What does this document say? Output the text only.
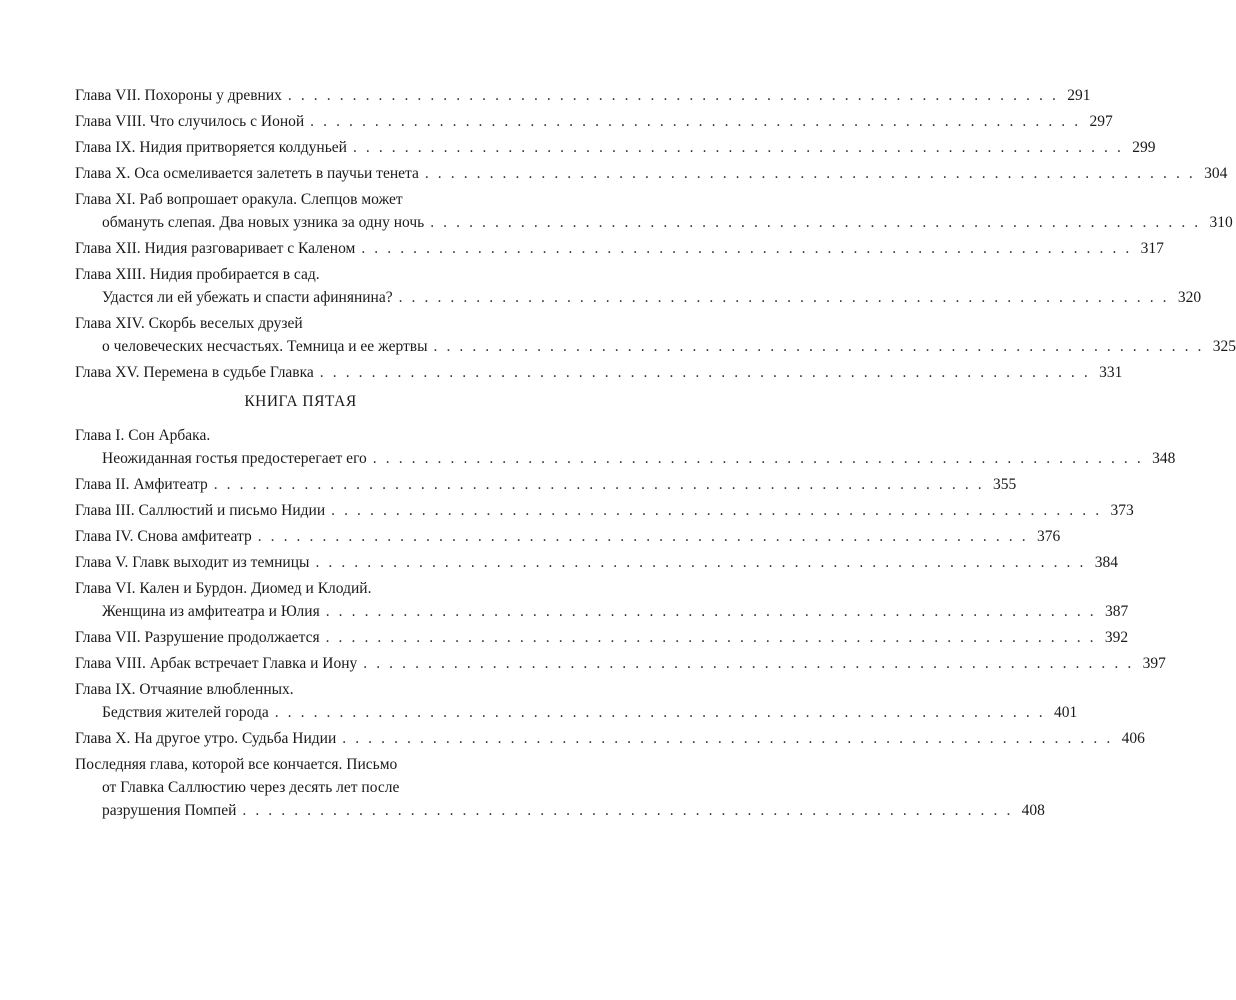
Глава VII. Похороны у древних . . . . . . . . . . . . . . . . . . . . . . . . . . . . . . . . . . . . . . . . . . . . . . . . . . . . . . . . . . . . 291
Глава VIII. Что случилось с Ионой . . . . . . . . . . . . . . . . . . . . . . . . . . . . . . . . . . . . . . . . . . . . . . . . . . . . . . . . . . . . 297
Глава IX. Нидия притворяется колдуньей . . . . . . . . . . . . . . . . . . . . . . . . . . . . . . . . . . . . . . . . . . . . . . . . . . . . . . . . . . . . 299
Глава X. Оса осмеливается залететь в паучьи тенета . . . . . . . . . . . . . . . . . . . . . . . . . . . . . . . . . . . . . . . . . . . . . . . . . . . . . . . . . . . . 304
Глава XI. Раб вопрошает оракула. Слепцов может
обмануть слепая. Два новых узника за одну ночь . . . . . . . . . . . . . . . . . . . . . . . . . . . . . . . . . . . . . . . . . . . . . . . . . . . . . . . . . . . . 310
Глава XII. Нидия разговаривает с Каленом . . . . . . . . . . . . . . . . . . . . . . . . . . . . . . . . . . . . . . . . . . . . . . . . . . . . . . . . . . . . 317
Глава XIII. Нидия пробирается в сад.
Удастся ли ей убежать и спасти афинянина? . . . . . . . . . . . . . . . . . . . . . . . . . . . . . . . . . . . . . . . . . . . . . . . . . . . . . . . . . . . . 320
Глава XIV. Скорбь веселых друзей
о человеческих несчастьях. Темница и ее жертвы . . . . . . . . . . . . . . . . . . . . . . . . . . . . . . . . . . . . . . . . . . . . . . . . . . . . . . . . . . . . 325
Глава XV. Перемена в судьбе Главка . . . . . . . . . . . . . . . . . . . . . . . . . . . . . . . . . . . . . . . . . . . . . . . . . . . . . . . . . . . . 331
КНИГА ПЯТАЯ
Глава I. Сон Арбака.
Неожиданная гостья предостерегает его . . . . . . . . . . . . . . . . . . . . . . . . . . . . . . . . . . . . . . . . . . . . . . . . . . . . . . . . . . . . 348
Глава II. Амфитеатр . . . . . . . . . . . . . . . . . . . . . . . . . . . . . . . . . . . . . . . . . . . . . . . . . . . . . . . . . . . . 355
Глава III. Саллюстий и письмо Нидии . . . . . . . . . . . . . . . . . . . . . . . . . . . . . . . . . . . . . . . . . . . . . . . . . . . . . . . . . . . . 373
Глава IV. Снова амфитеатр . . . . . . . . . . . . . . . . . . . . . . . . . . . . . . . . . . . . . . . . . . . . . . . . . . . . . . . . . . . . 376
Глава V. Главк выходит из темницы . . . . . . . . . . . . . . . . . . . . . . . . . . . . . . . . . . . . . . . . . . . . . . . . . . . . . . . . . . . . 384
Глава VI. Кален и Бурдон. Диомед и Клодий.
Женщина из амфитеатра и Юлия . . . . . . . . . . . . . . . . . . . . . . . . . . . . . . . . . . . . . . . . . . . . . . . . . . . . . . . . . . . . 387
Глава VII. Разрушение продолжается . . . . . . . . . . . . . . . . . . . . . . . . . . . . . . . . . . . . . . . . . . . . . . . . . . . . . . . . . . . . 392
Глава VIII. Арбак встречает Главка и Иону . . . . . . . . . . . . . . . . . . . . . . . . . . . . . . . . . . . . . . . . . . . . . . . . . . . . . . . . . . . . 397
Глава IX. Отчаяние влюбленных.
Бедствия жителей города . . . . . . . . . . . . . . . . . . . . . . . . . . . . . . . . . . . . . . . . . . . . . . . . . . . . . . . . . . . . 401
Глава X. На другое утро. Судьба Нидии . . . . . . . . . . . . . . . . . . . . . . . . . . . . . . . . . . . . . . . . . . . . . . . . . . . . . . . . . . . . 406
Последняя глава, которой все кончается. Письмо
от Главка Саллюстию через десять лет после
разрушения Помпей . . . . . . . . . . . . . . . . . . . . . . . . . . . . . . . . . . . . . . . . . . . . . . . . . . . . . . . . . . . . 408
